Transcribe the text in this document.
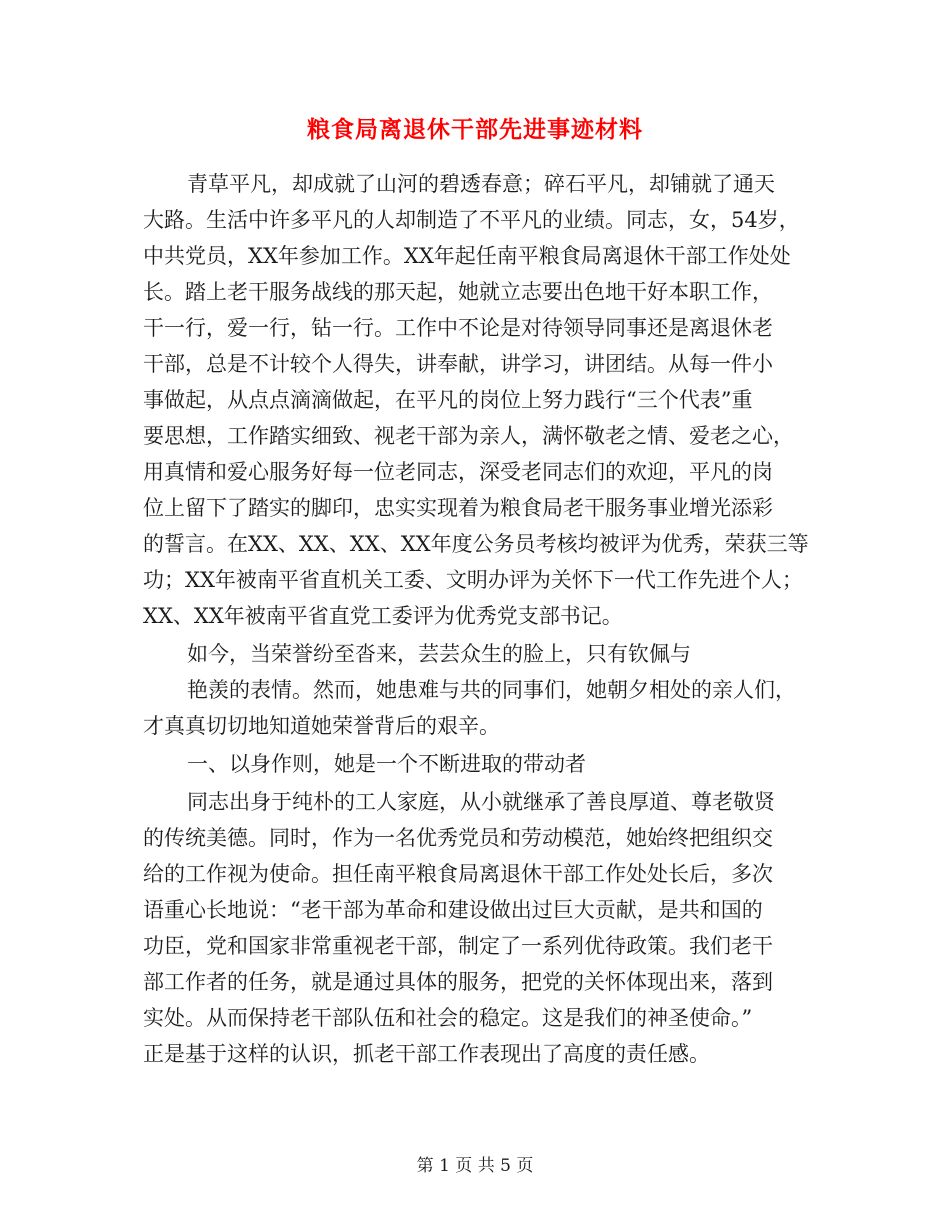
粮食局离退休干部先进事迹材料
青草平凡，却成就了山河的碧透春意；碎石平凡，却铺就了通天
大路。生活中许多平凡的人却制造了不平凡的业绩。同志，女，54岁，
中共党员，XX年参加工作。XX年起任南平粮食局离退休干部工作处处
长。踏上老干服务战线的那天起，她就立志要出色地干好本职工作，
干一行，爱一行，钻一行。工作中不论是对待领导同事还是离退休老
干部，总是不计较个人得失，讲奉献，讲学习，讲团结。从每一件小
事做起，从点点滴滴做起，在平凡的岗位上努力践行“三个代表”重
要思想，工作踏实细致、视老干部为亲人，满怀敬老之情、爱老之心，
用真情和爱心服务好每一位老同志，深受老同志们的欢迎，平凡的岗
位上留下了踏实的脚印，忠实实现着为粮食局老干服务事业增光添彩
的誓言。在XX、XX、XX、XX年度公务员考核均被评为优秀，荣获三等
功；XX年被南平省直机关工委、文明办评为关怀下一代工作先进个人；
XX、XX年被南平省直党工委评为优秀党支部书记。
如今，当荣誉纷至沓来，芸芸众生的脸上，只有钦佩与
艳羡的表情。然而，她患难与共的同事们，她朝夕相处的亲人们，
才真真切切地知道她荣誉背后的艰辛。
一、以身作则，她是一个不断进取的带动者
同志出身于纯朴的工人家庭，从小就继承了善良厚道、尊老敬贤
的传统美德。同时，作为一名优秀党员和劳动模范，她始终把组织交
给的工作视为使命。担任南平粮食局离退休干部工作处处长后，多次
语重心长地说：“老干部为革命和建设做出过巨大贡献，是共和国的
功臣，党和国家非常重视老干部，制定了一系列优待政策。我们老干
部工作者的任务，就是通过具体的服务，把党的关怀体现出来，落到
实处。从而保持老干部队伍和社会的稳定。这是我们的神圣使命。”
正是基于这样的认识，抓老干部工作表现出了高度的责任感。
第 1 页 共 5 页
